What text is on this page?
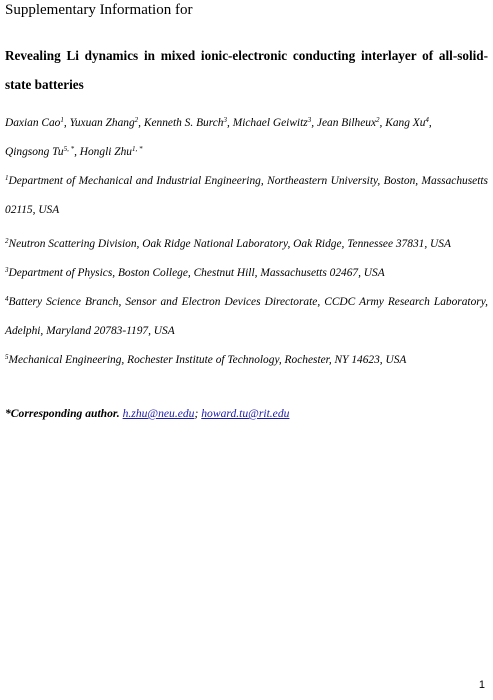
Supplementary Information for
Revealing Li dynamics in mixed ionic-electronic conducting interlayer of all-solid-state batteries
Daxian Cao$^1$, Yuxuan Zhang$^2$, Kenneth S. Burch$^3$, Michael Geiwitz$^3$, Jean Bilheux$^2$, Kang Xu$^4$,
Qingsong $Tu^{5, *}$, Hongli Zhu$^{1, *}$
$^1$Department of Mechanical and Industrial Engineering, Northeastern University, Boston, Massachusetts 02115, USA
$^2$Neutron Scattering Division, Oak Ridge National Laboratory, Oak Ridge, Tennessee 37831, USA
$^3$Department of Physics, Boston College, Chestnut Hill, Massachusetts 02467, USA
$^4$Battery Science Branch, Sensor and Electron Devices Directorate, CCDC Army Research Laboratory, Adelphi, Maryland 20783-1197, USA
$^5$Mechanical Engineering, Rochester Institute of Technology, Rochester, NY 14623, USA
*Corresponding author. h.zhu@neu.edu; howard.tu@rit.edu
1
